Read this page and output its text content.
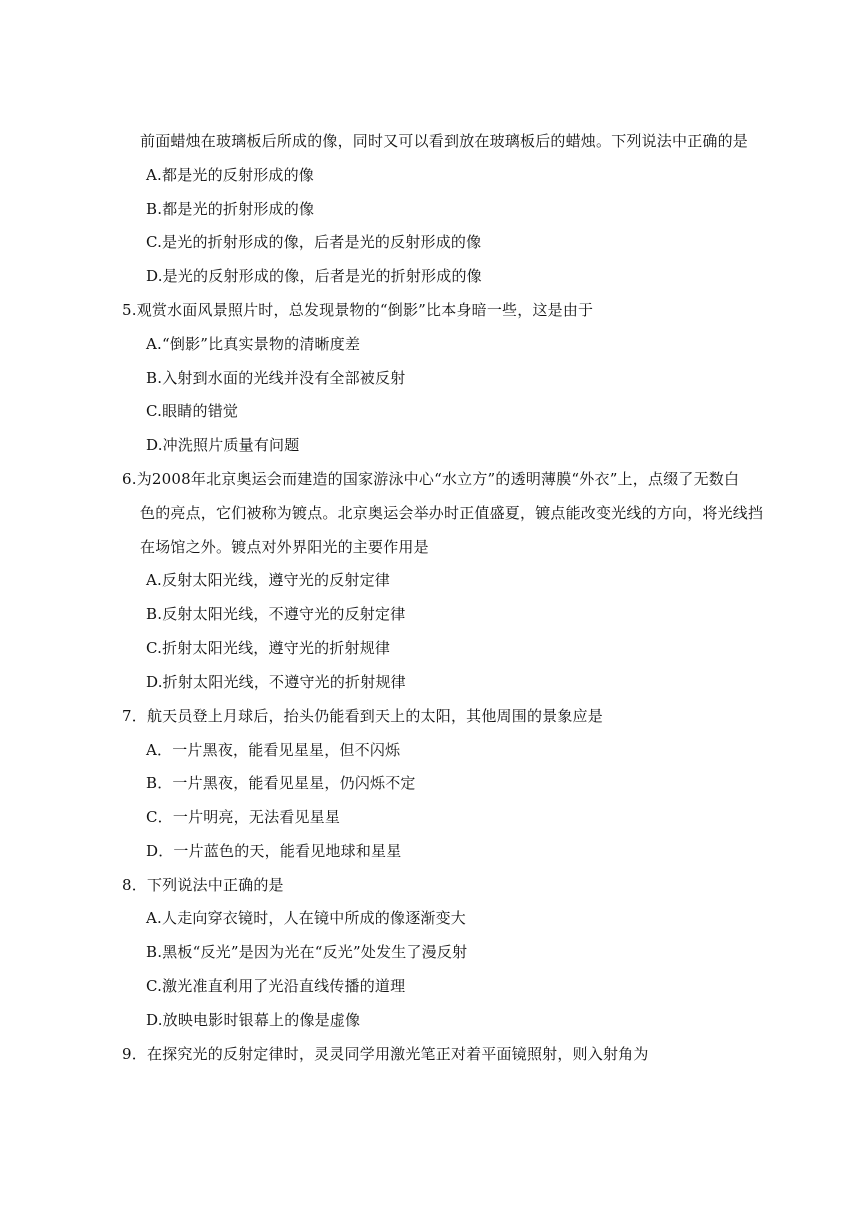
前面蜡烛在玻璃板后所成的像，同时又可以看到放在玻璃板后的蜡烛。下列说法中正确的是
A.都是光的反射形成的像
B.都是光的折射形成的像
C.是光的折射形成的像，后者是光的反射形成的像
D.是光的反射形成的像，后者是光的折射形成的像
5.观赏水面风景照片时，总发现景物的“倒影”比本身暗一些，这是由于
A.“倒影”比真实景物的清晰度差
B.入射到水面的光线并没有全部被反射
C.眼睛的错觉
D.冲洗照片质量有问题
6.为2008年北京奥运会而建造的国家游泳中心“水立方”的透明薄膜“外衣”上，点缀了无数白
色的亮点，它们被称为镀点。北京奥运会举办时正值盛夏，镀点能改变光线的方向，将光线挡
在场馆之外。镀点对外界阳光的主要作用是
A.反射太阳光线，遵守光的反射定律
B.反射太阳光线，不遵守光的反射定律
C.折射太阳光线，遵守光的折射规律
D.折射太阳光线，不遵守光的折射规律
7．航天员登上月球后，抬头仍能看到天上的太阳，其他周围的景象应是
A．一片黑夜，能看见星星，但不闪烁
B．一片黑夜，能看见星星，仍闪烁不定
C．一片明亮，无法看见星星
D．一片蓝色的天，能看见地球和星星
8．下列说法中正确的是
A.人走向穿衣镜时，人在镜中所成的像逐渐变大
B.黑板“反光”是因为光在“反光”处发生了漫反射
C.激光准直利用了光沿直线传播的道理
D.放映电影时银幕上的像是虚像
9．在探究光的反射定律时，灵灵同学用激光笔正对着平面镜照射，则入射角为
